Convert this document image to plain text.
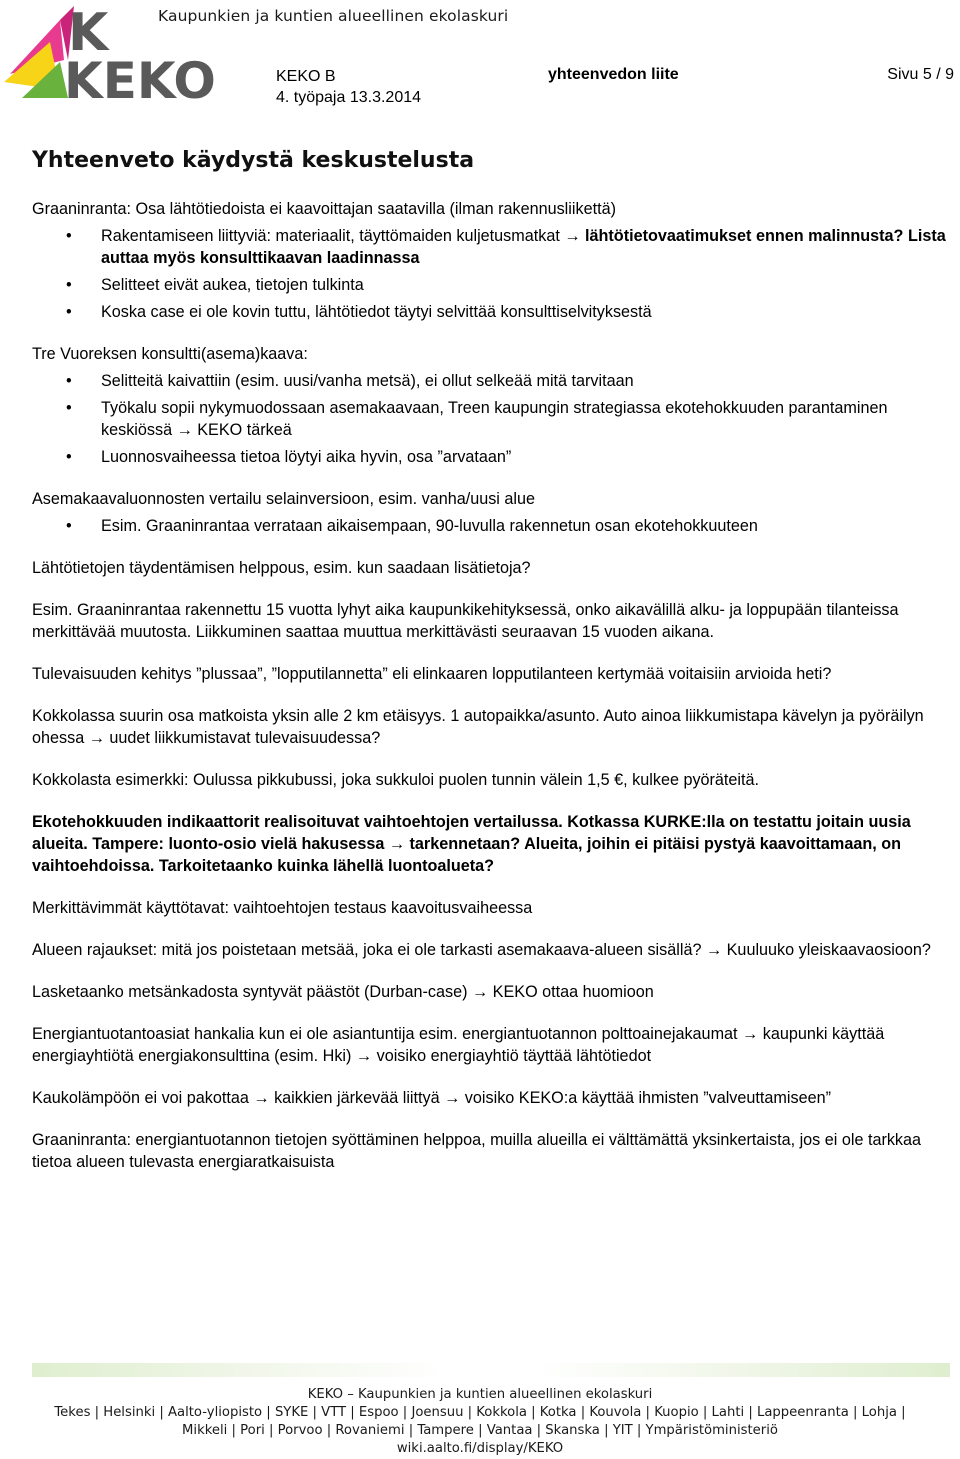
K
KEKO
Kaupunkien ja kuntien alueellinen ekolaskuri
KEKO B
4. työpaja 13.3.2014
yhteenvedon liite	Sivu 5 / 9
Yhteenveto käydystä keskustelusta

Graaninranta: Osa lähtötiedoista ei kaavoittajan saatavilla (ilman rakennusliikettä)

• Rakentamiseen liittyviä: materiaalit, täyttömaiden kuljetusmatkat → lähtötietovaatimukset ennen malinnusta? Lista auttaa myös konsulttikaavan laadinnassa
• Selitteet eivät aukea, tietojen tulkinta
• Koska case ei ole kovin tuttu, lähtötiedot täytyi selvittää konsulttiselvityksestä

Tre Vuoreksen konsultti(asema)kaava:

• Selitteitä kaivattiin (esim. uusi/vanha metsä), ei ollut selkeää mitä tarvitaan
• Työkalu sopii nykymuodossaan asemakaavaan, Treen kaupungin strategiassa ekotehokkuuden parantaminen keskiössä → KEKO tärkeä
• Luonnosvaiheessa tietoa löytyi aika hyvin, osa ”arvataan”

Asemakaavaluonnosten vertailu selainversioon, esim. vanha/uusi alue

• Esim. Graaninrantaa verrataan aikaisempaan, 90-luvulla rakennetun osan ekotehokkuuteen

Lähtötietojen täydentämisen helppous, esim. kun saadaan lisätietoja?

Esim. Graaninrantaa rakennettu 15 vuotta lyhyt aika kaupunkikehityksessä, onko aikavälillä alku- ja loppupään tilanteissa merkittävää muutosta. Liikkuminen saattaa muuttua merkittävästi seuraavan 15 vuoden aikana.

Tulevaisuuden kehitys ”plussaa”, ”lopputilannetta” eli elinkaaren lopputilanteen kertymää voitaisiin arvioida heti?

Kokkolassa suurin osa matkoista yksin alle 2 km etäisyys. 1 autopaikka/asunto. Auto ainoa liikkumistapa kävelyn ja pyöräilyn ohessa → uudet liikkumistavat tulevaisuudessa?

Kokkolasta esimerkki: Oulussa pikkubussi, joka sukkuloi puolen tunnin välein 1,5 €, kulkee pyöräteitä.

Ekotehokkuuden indikaattorit realisoituvat vaihtoehtojen vertailussa. Kotkassa KURKE:lla on testattu joitain uusia alueita. Tampere: luonto-osio vielä hakusessa → tarkennetaan? Alueita, joihin ei pitäisi pystyä kaavoittamaan, on vaihtoehdoissa. Tarkoitetaanko kuinka lähellä luontoalueta?

Merkittävimmät käyttötavat: vaihtoehtojen testaus kaavoitusvaiheessa

Alueen rajaukset: mitä jos poistetaan metsää, joka ei ole tarkasti asemakaava-alueen sisällä? → Kuuluuko yleiskaavaosioon?

Lasketaanko metsänkadosta syntyvät päästöt (Durban-case) → KEKO ottaa huomioon

Energiantuotantoasiat hankalia kun ei ole asiantuntija esim. energiantuotannon polttoainejakaumat → kaupunki käyttää energiayhtiötä energiakonsulttina (esim. Hki) → voisiko energiayhtiö täyttää lähtötiedot

Kaukolämpöön ei voi pakottaa → kaikkien järkevää liittyä → voisiko KEKO:a käyttää ihmisten ”valveuttamiseen”

Graaninranta: energiantuotannon tietojen syöttäminen helppoa, muilla alueilla ei välttämättä yksinkertaista, jos ei ole tarkkaa tietoa alueen tulevasta energiaratkaisuista

KEKO – Kaupunkien ja kuntien alueellinen ekolaskuri
Tekes | Helsinki | Aalto-yliopisto | SYKE | VTT | Espoo | Joensuu | Kokkola | Kotka | Kouvola | Kuopio | Lahti | Lappeenranta | Lohja |
Mikkeli | Pori | Porvoo | Rovaniemi | Tampere | Vantaa | Skanska | YIT | Ympäristöministeriö
wiki.aalto.fi/display/KEKO
